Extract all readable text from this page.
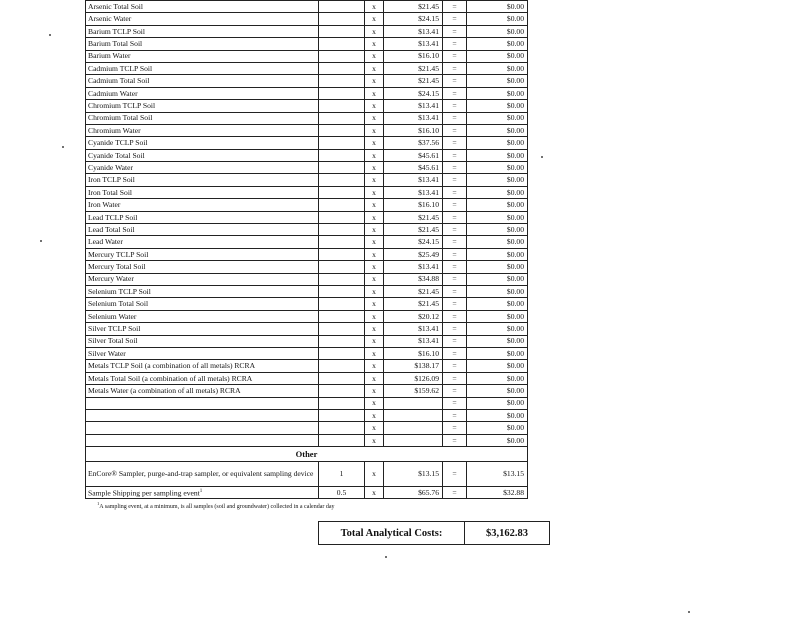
Arsenic Total Soil		x	$21.45	=	$0.00
Arsenic Water		x	$24.15	=	$0.00
Barium TCLP Soil		x	$13.41	=	$0.00
Barium Total Soil		x	$13.41	=	$0.00
Barium Water		x	$16.10	=	$0.00
Cadmium TCLP Soil		x	$21.45	=	$0.00
Cadmium Total Soil		x	$21.45	=	$0.00
Cadmium Water		x	$24.15	=	$0.00
Chromium TCLP Soil		x	$13.41	=	$0.00
Chromium Total Soil		x	$13.41	=	$0.00
Chromium Water		x	$16.10	=	$0.00
Cyanide TCLP Soil		x	$37.56	=	$0.00
Cyanide Total Soil		x	$45.61	=	$0.00
Cyanide Water		x	$45.61	=	$0.00
Iron TCLP Soil		x	$13.41	=	$0.00
Iron Total Soil		x	$13.41	=	$0.00
Iron Water		x	$16.10	=	$0.00
Lead TCLP Soil		x	$21.45	=	$0.00
Lead Total Soil		x	$21.45	=	$0.00
Lead Water		x	$24.15	=	$0.00
Mercury TCLP Soil		x	$25.49	=	$0.00
Mercury Total Soil		x	$13.41	=	$0.00
Mercury Water		x	$34.88	=	$0.00
Selenium TCLP Soil		x	$21.45	=	$0.00
Selenium Total Soil		x	$21.45	=	$0.00
Selenium Water		x	$20.12	=	$0.00
Silver TCLP Soil		x	$13.41	=	$0.00
Silver Total Soil		x	$13.41	=	$0.00
Silver Water		x	$16.10	=	$0.00
Metals TCLP Soil (a combination of all metals) RCRA		x	$138.17	=	$0.00
Metals Total Soil (a combination of all metals) RCRA		x	$126.09	=	$0.00
Metals Water (a combination of all metals) RCRA		x	$159.62	=	$0.00
		x		=	$0.00
		x		=	$0.00
		x		=	$0.00
		x		=	$0.00
Other					
EnCore® Sampler, purge-and-trap sampler, or equivalent sampling device	1	x	$13.15	=	$13.15
Sample Shipping per sampling event$^1$	0.5	x	$65.76	=	$32.88
$^1$A sampling event, at a minimum, is all samples (soil and groundwater) collected in a calendar day
Total Analytical Costs:	$3,162.83
